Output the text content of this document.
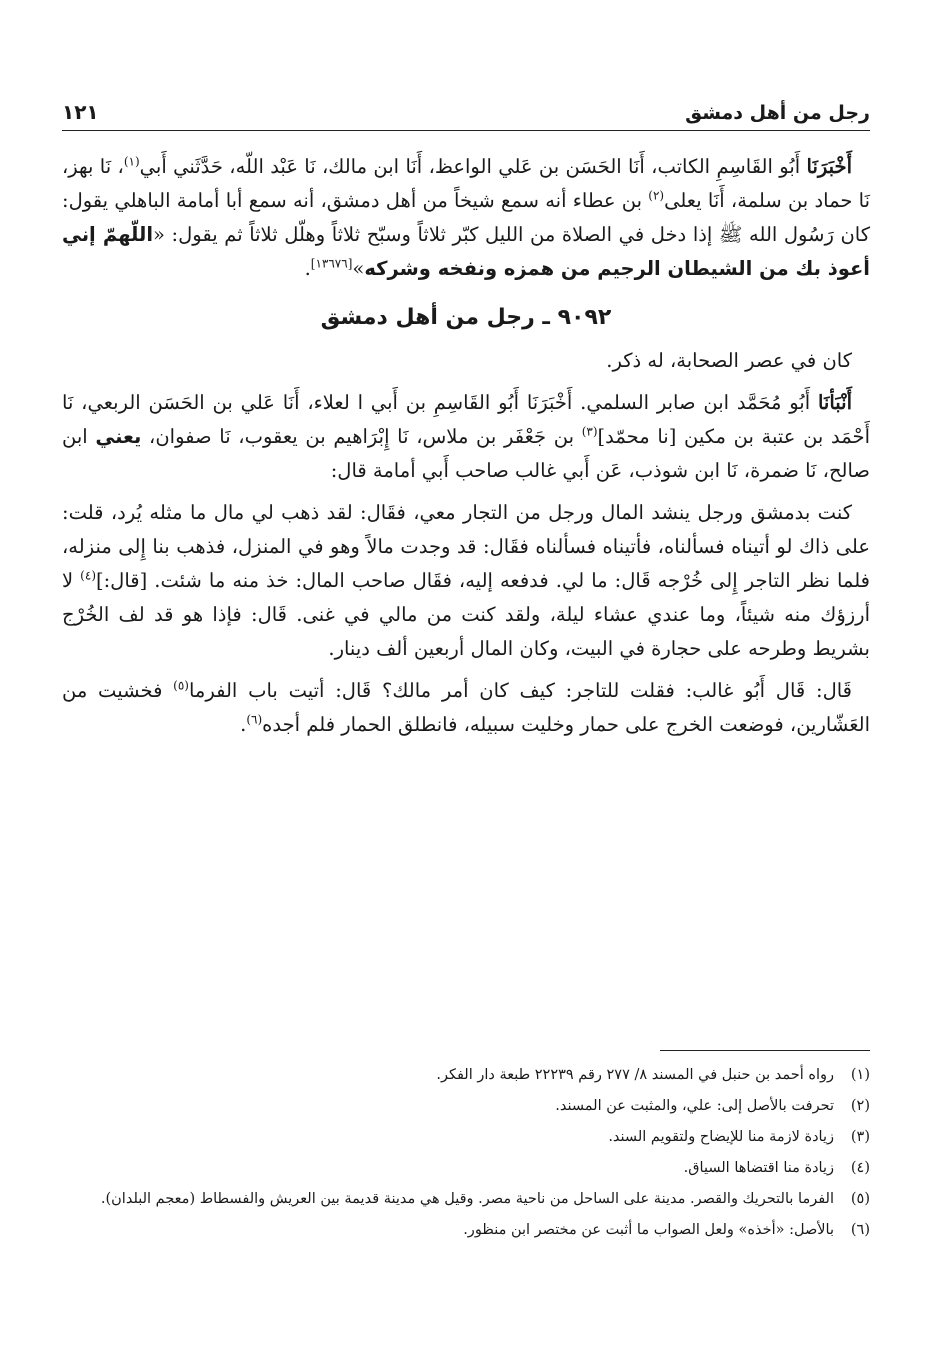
رجل من أهل دمشق
١٢١

أَخْبَرَنَا أَبُو القَاسِمِ الكاتب، أَنَا الحَسَن بن عَلي الواعظ، أَنَا ابن مالك، نَا عَبْد اللّه، حَدَّثَني أَبي$^{(١)}$، نَا بهز، نَا حماد بن سلمة، أَنَا يعلى$^{(٢)}$ بن عطاء أنه سمع شيخاً من أهل دمشق، أنه سمع أبا أمامة الباهلي يقول: كان رَسُول الله ﷺ إذا دخل في الصلاة من الليل كبّر ثلاثاً وسبّح ثلاثاً وهلّل ثلاثاً ثم يقول: «اللّهمّ إني أعوذ بك من الشيطان الرجيم من همزه ونفخه وشركه»[١٣٦٧٦].

٩٠٩٢ ـ رجل من أهل دمشق

كان في عصر الصحابة، له ذكر.

أَنْبَأنَا أَبُو مُحَمَّد ابن صابر السلمي. أَخْبَرَنَا أَبُو القَاسِمِ بن أَبي ا لعلاء، أَنَا عَلي بن الحَسَن الربعي، نَا أَحْمَد بن عتبة بن مكين [نا محمّد]$^{(٣)}$ بن جَعْفَر بن ملاس، نَا إِبْرَاهيم بن يعقوب، نَا صفوان، يعني ابن صالح، نَا ضمرة، نَا ابن شوذب، عَن أَبي غالب صاحب أَبي أمامة قال:

كنت بدمشق ورجل ينشد المال ورجل من التجار معي، فقَال: لقد ذهب لي مال ما مثله يُرد، قلت: على ذاك لو أتيناه فسألناه، فأتيناه فسألناه فقَال: قد وجدت مالاً وهو في المنزل، فذهب بنا إِلى منزله، فلما نظر التاجر إِلى خُرْجه قَال: ما لي. فدفعه إليه، فقَال صاحب المال: خذ منه ما شئت. [قال:]$^{(٤)}$ لا أرزؤك منه شيئاً، وما عندي عشاء ليلة، ولقد كنت من مالي في غنى. قَال: فإذا هو قد لف الخُرْج بشريط وطرحه على حجارة في البيت، وكان المال أربعين ألف دينار.

قَال: قَال أَبُو غالب: فقلت للتاجر: كيف كان أمر مالك؟ قَال: أتيت باب الفرما$^{(٥)}$ فخشيت من العَشّارين، فوضعت الخرج على حمار وخليت سبيله، فانطلق الحمار فلم أجده$^{(٦)}$.

(١)
رواه أحمد بن حنبل في المسند ٨/ ٢٧٧ رقم ٢٢٢٣٩ طبعة دار الفكر.
(٢)
تحرفت بالأصل إلى: علي، والمثبت عن المسند.
(٣)
زيادة لازمة منا للإيضاح ولتقويم السند.
(٤)
زيادة منا اقتضاها السياق.
(٥)
الفرما بالتحريك والقصر. مدينة على الساحل من ناحية مصر. وقيل هي مدينة قديمة بين العريش والفسطاط (معجم البلدان).
(٦)
بالأصل: «أخذه» ولعل الصواب ما أثبت عن مختصر ابن منظور.
